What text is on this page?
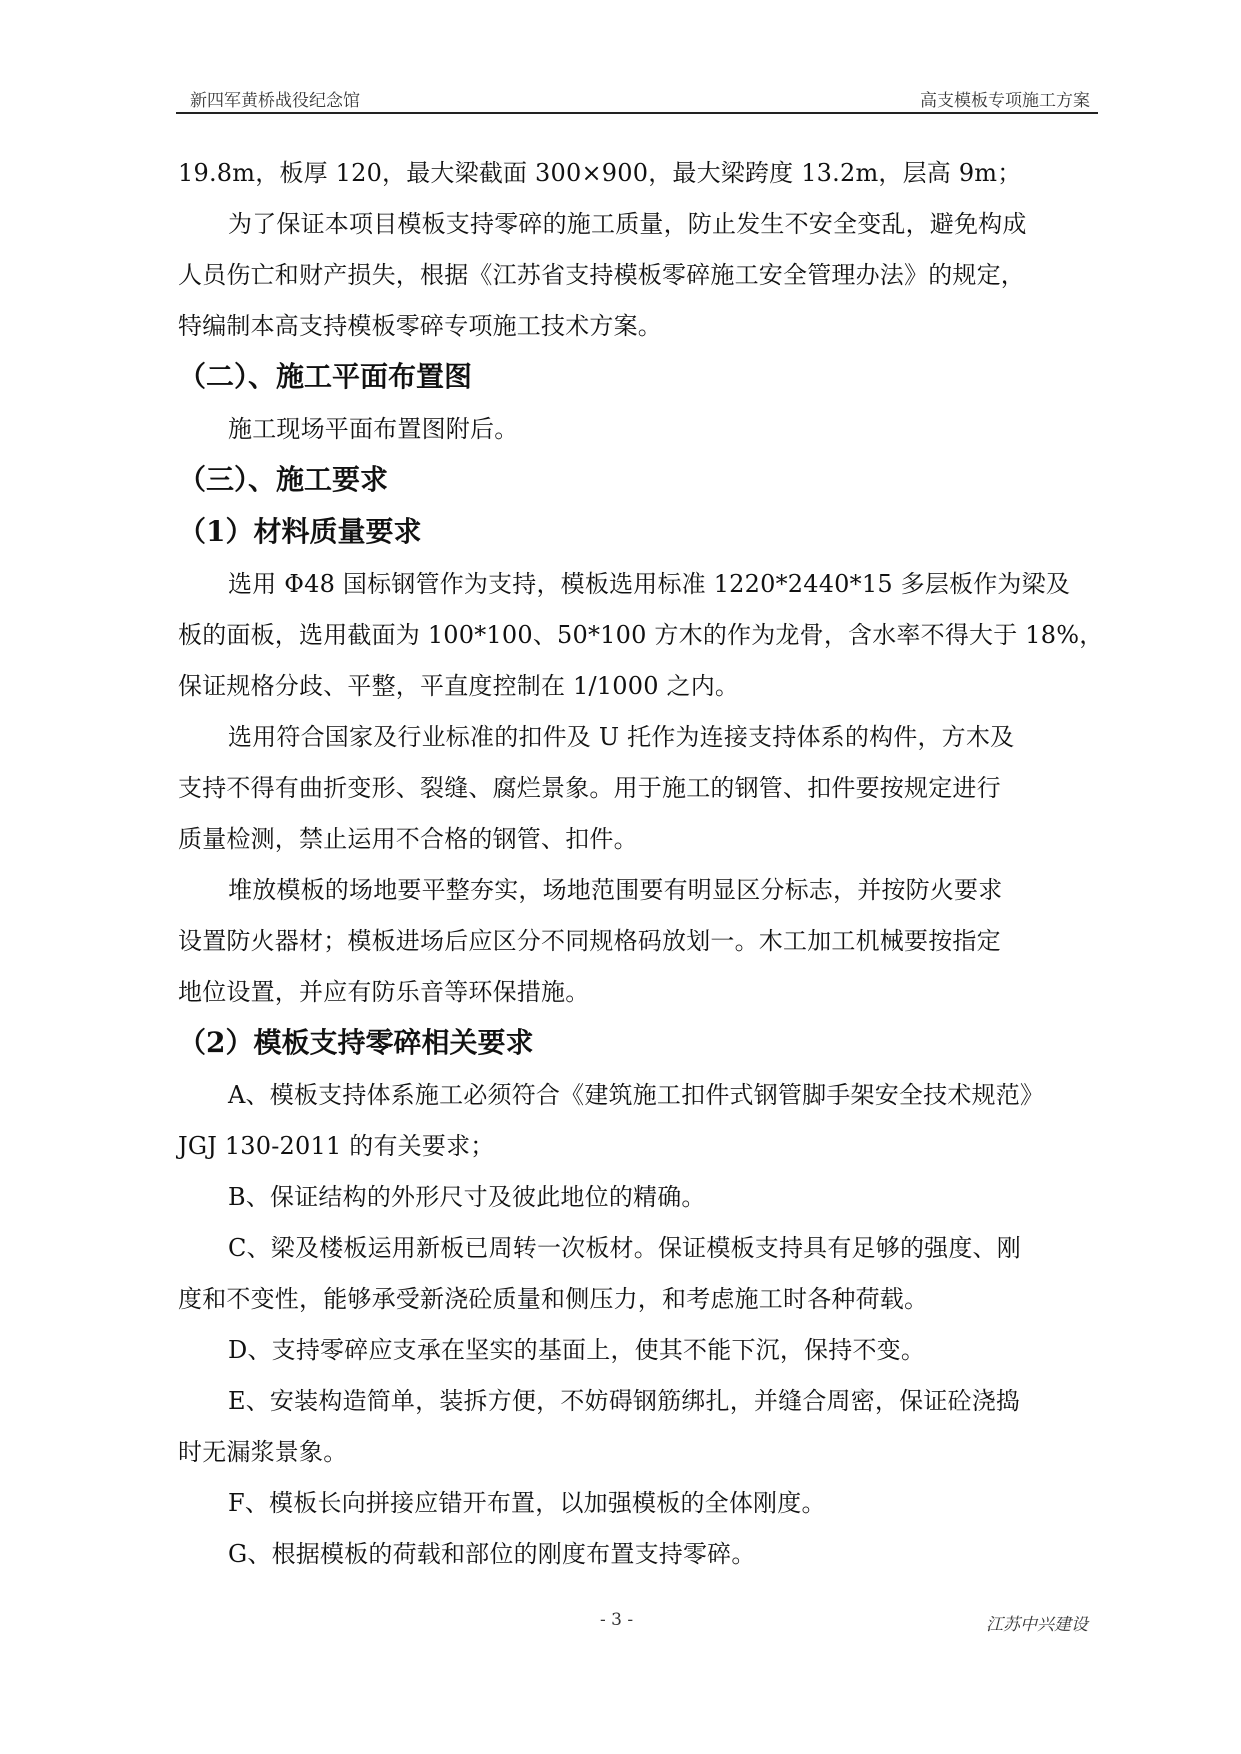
新四军黄桥战役纪念馆	高支模板专项施工方案
19.8m，板厚 120，最大梁截面 300×900，最大梁跨度 13.2m，层高 9m；
为了保证本项目模板支持零碎的施工质量，防止发生不安全变乱，避免构成
人员伤亡和财产损失，根据《江苏省支持模板零碎施工安全管理办法》的规定，
特编制本高支持模板零碎专项施工技术方案。
（二）、施工平面布置图
施工现场平面布置图附后。
（三）、施工要求
（1）材料质量要求
选用 Φ48 国标钢管作为支持，模板选用标准 1220*2440*15 多层板作为梁及
板的面板，选用截面为 100*100、50*100 方木的作为龙骨，含水率不得大于 18%，
保证规格分歧、平整，平直度控制在 1/1000 之内。
选用符合国家及行业标准的扣件及 U 托作为连接支持体系的构件，方木及
支持不得有曲折变形、裂缝、腐烂景象。用于施工的钢管、扣件要按规定进行
质量检测，禁止运用不合格的钢管、扣件。
堆放模板的场地要平整夯实，场地范围要有明显区分标志，并按防火要求
设置防火器材；模板进场后应区分不同规格码放划一。木工加工机械要按指定
地位设置，并应有防乐音等环保措施。
（2）模板支持零碎相关要求
A、模板支持体系施工必须符合《建筑施工扣件式钢管脚手架安全技术规范》
JGJ 130-2011 的有关要求；
B、保证结构的外形尺寸及彼此地位的精确。
C、梁及楼板运用新板已周转一次板材。保证模板支持具有足够的强度、刚
度和不变性，能够承受新浇砼质量和侧压力，和考虑施工时各种荷载。
D、支持零碎应支承在坚实的基面上，使其不能下沉，保持不变。
E、安装构造简单，装拆方便，不妨碍钢筋绑扎，并缝合周密，保证砼浇捣
时无漏浆景象。
F、模板长向拼接应错开布置，以加强模板的全体刚度。
G、根据模板的荷载和部位的刚度布置支持零碎。
- 3 -	江苏中兴建设
